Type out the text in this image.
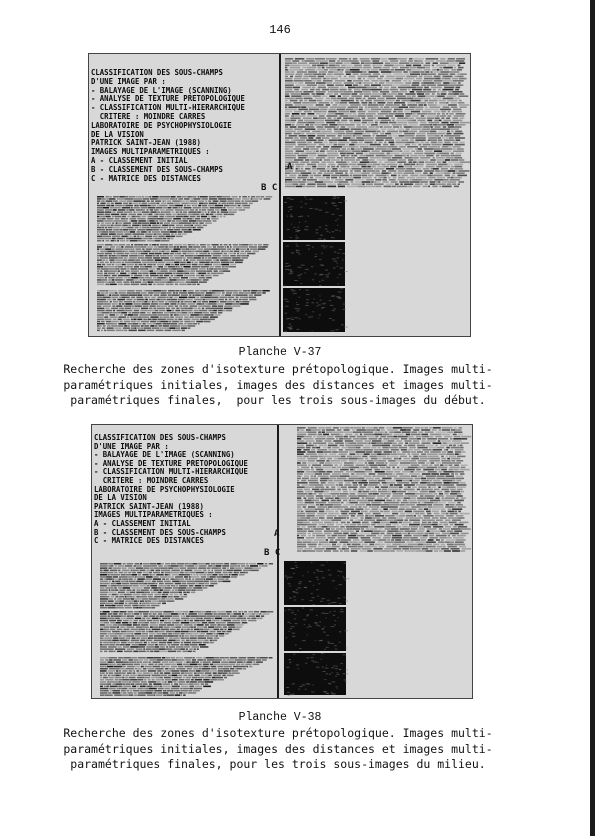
146
CLASSIFICATION DES SOUS-CHAMPS
D'UNE IMAGE PAR :
- BALAYAGE DE L'IMAGE (SCANNING)
- ANALYSE DE TEXTURE PRETOPOLOGIQUE
- CLASSIFICATION MULTI-HIERARCHIQUE
CRITERE : MOINDRE CARRES
LABORATOIRE DE PSYCHOPHYSIOLOGIE
DE LA VISION
PATRICK SAINT-JEAN (1988)
IMAGES MULTIPARAMETRIQUES :
A - CLASSEMENT INITIAL
B - CLASSEMENT DES SOUS-CHAMPS
C - MATRICE DES DISTANCES
A
B C
Planche V-37
Recherche des zones d'isotexture prétopologique. Images multi-
paramétriques initiales, images des distances et images multi-
paramétriques finales,  pour les trois sous-images du début.
CLASSIFICATION DES SOUS-CHAMPS
D'UNE IMAGE PAR :
- BALAYAGE DE L'IMAGE (SCANNING)
- ANALYSE DE TEXTURE PRETOPOLOGIQUE
- CLASSIFICATION MULTI-HIERARCHIQUE
CRITERE : MOINDRE CARRES
LABORATOIRE DE PSYCHOPHYSIOLOGIE
DE LA VISION
PATRICK SAINT-JEAN (1988)
IMAGES MULTIPARAMETRIQUES :
A - CLASSEMENT INITIAL
B - CLASSEMENT DES SOUS-CHAMPS
C - MATRICE DES DISTANCES
A
B C
Planche V-38
Recherche des zones d'isotexture prétopologique. Images multi-
paramétriques initiales, images des distances et images multi-
paramétriques finales, pour les trois sous-images du milieu.
